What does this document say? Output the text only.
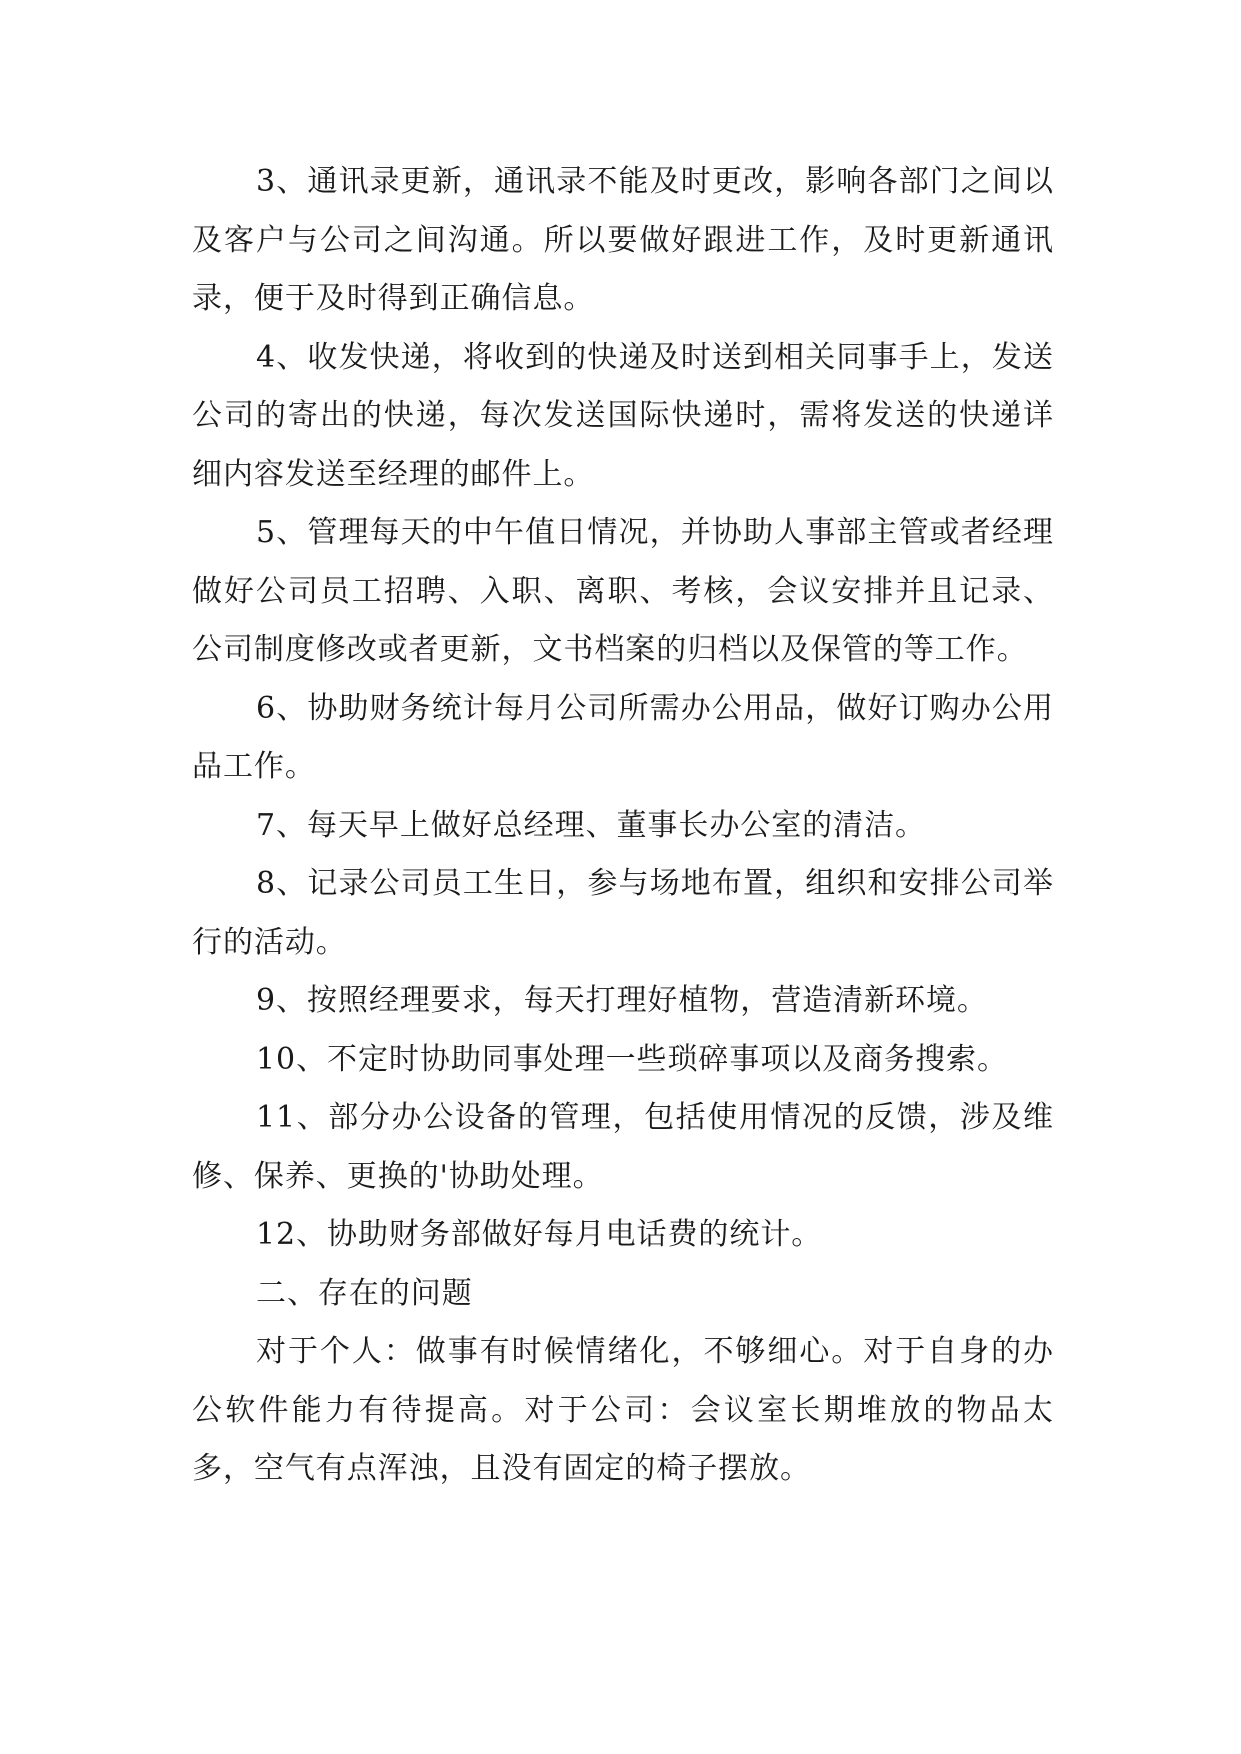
3、通讯录更新，通讯录不能及时更改，影响各部门之间以及客户与公司之间沟通。所以要做好跟进工作，及时更新通讯录，便于及时得到正确信息。

4、收发快递，将收到的快递及时送到相关同事手上，发送公司的寄出的快递，每次发送国际快递时，需将发送的快递详细内容发送至经理的邮件上。

5、管理每天的中午值日情况，并协助人事部主管或者经理做好公司员工招聘、入职、离职、考核，会议安排并且记录、公司制度修改或者更新，文书档案的归档以及保管的等工作。

6、协助财务统计每月公司所需办公用品，做好订购办公用品工作。

7、每天早上做好总经理、董事长办公室的清洁。

8、记录公司员工生日，参与场地布置，组织和安排公司举行的活动。

9、按照经理要求，每天打理好植物，营造清新环境。

10、不定时协助同事处理一些琐碎事项以及商务搜索。

11、部分办公设备的管理，包括使用情况的反馈，涉及维修、保养、更换的'协助处理。

12、协助财务部做好每月电话费的统计。

二、存在的问题

对于个人：做事有时候情绪化，不够细心。对于自身的办公软件能力有待提高。对于公司：会议室长期堆放的物品太多，空气有点浑浊，且没有固定的椅子摆放。
